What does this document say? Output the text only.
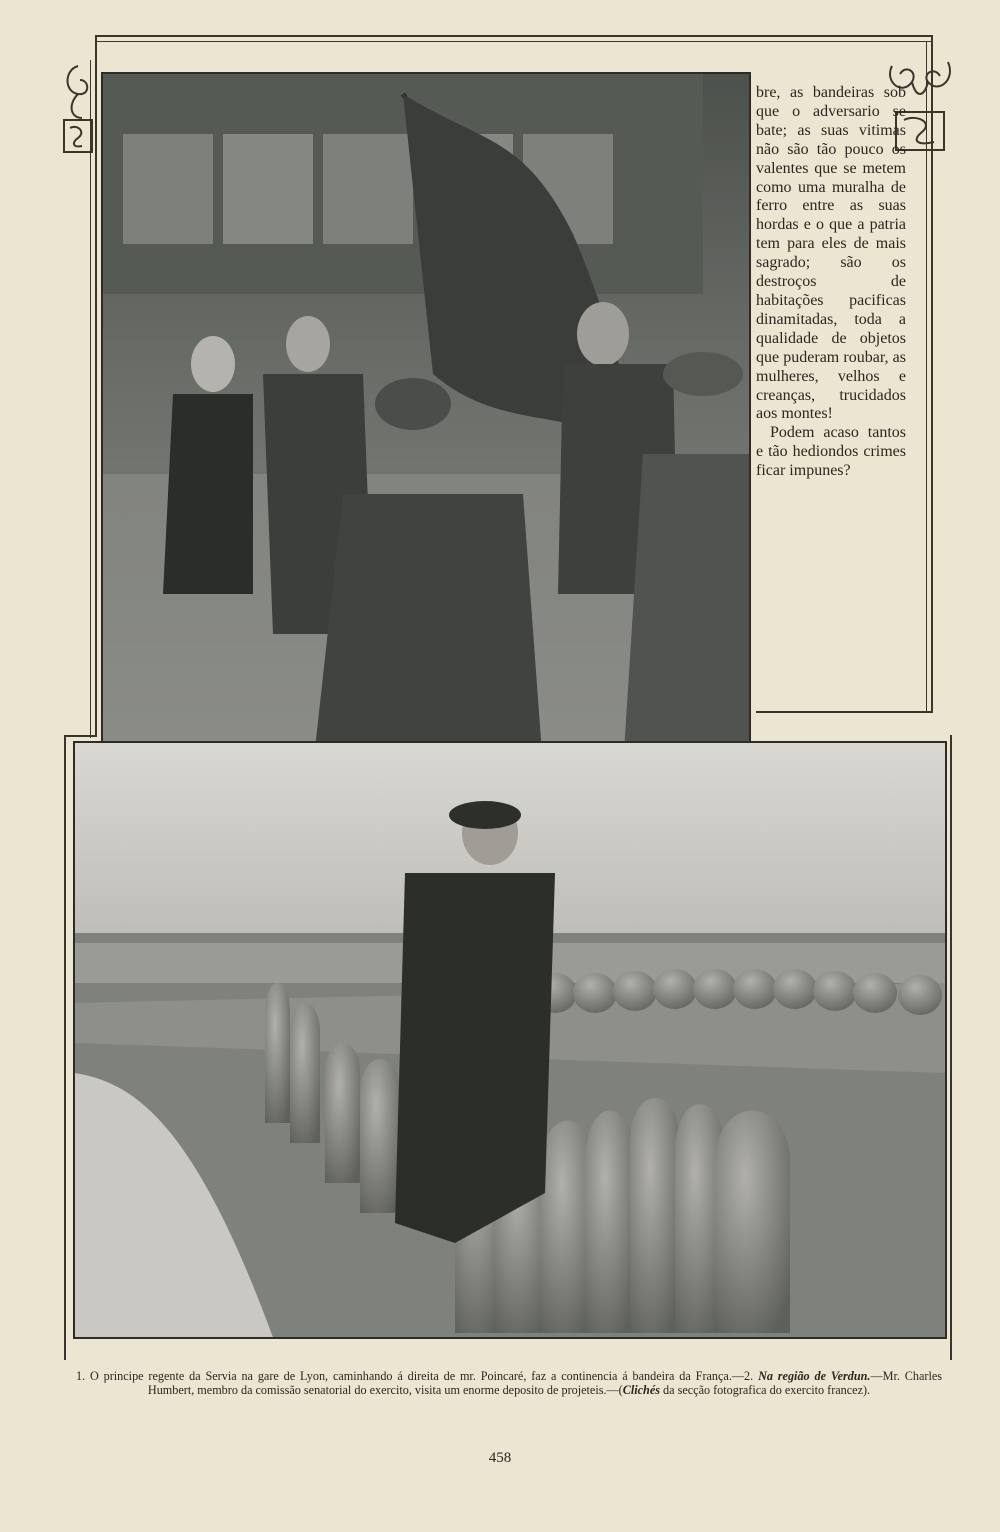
bre, as bandeiras sob que o adversario se bate; as suas vitimas não são tão pouco os valentes que se metem como uma muralha de ferro entre as suas hordas e o que a patria tem para eles de mais sagrado; são os destroços de habitações pacificas dinamitadas, toda a qualidade de objetos que puderam roubar, as mulheres, velhos e creanças, trucidados aos montes!

Podem acaso tantos e tão hediondos crimes ficar impunes?

1. O principe regente da Servia na gare de Lyon, caminhando á direita de mr. Poincaré, faz a continencia á bandeira da França.—2. Na região de Verdun.—Mr. Charles Humbert, membro da comissão senatorial do exercito, visita um enorme deposito de projeteis.—(Clichés da secção fotografica do exercito francez).
458
